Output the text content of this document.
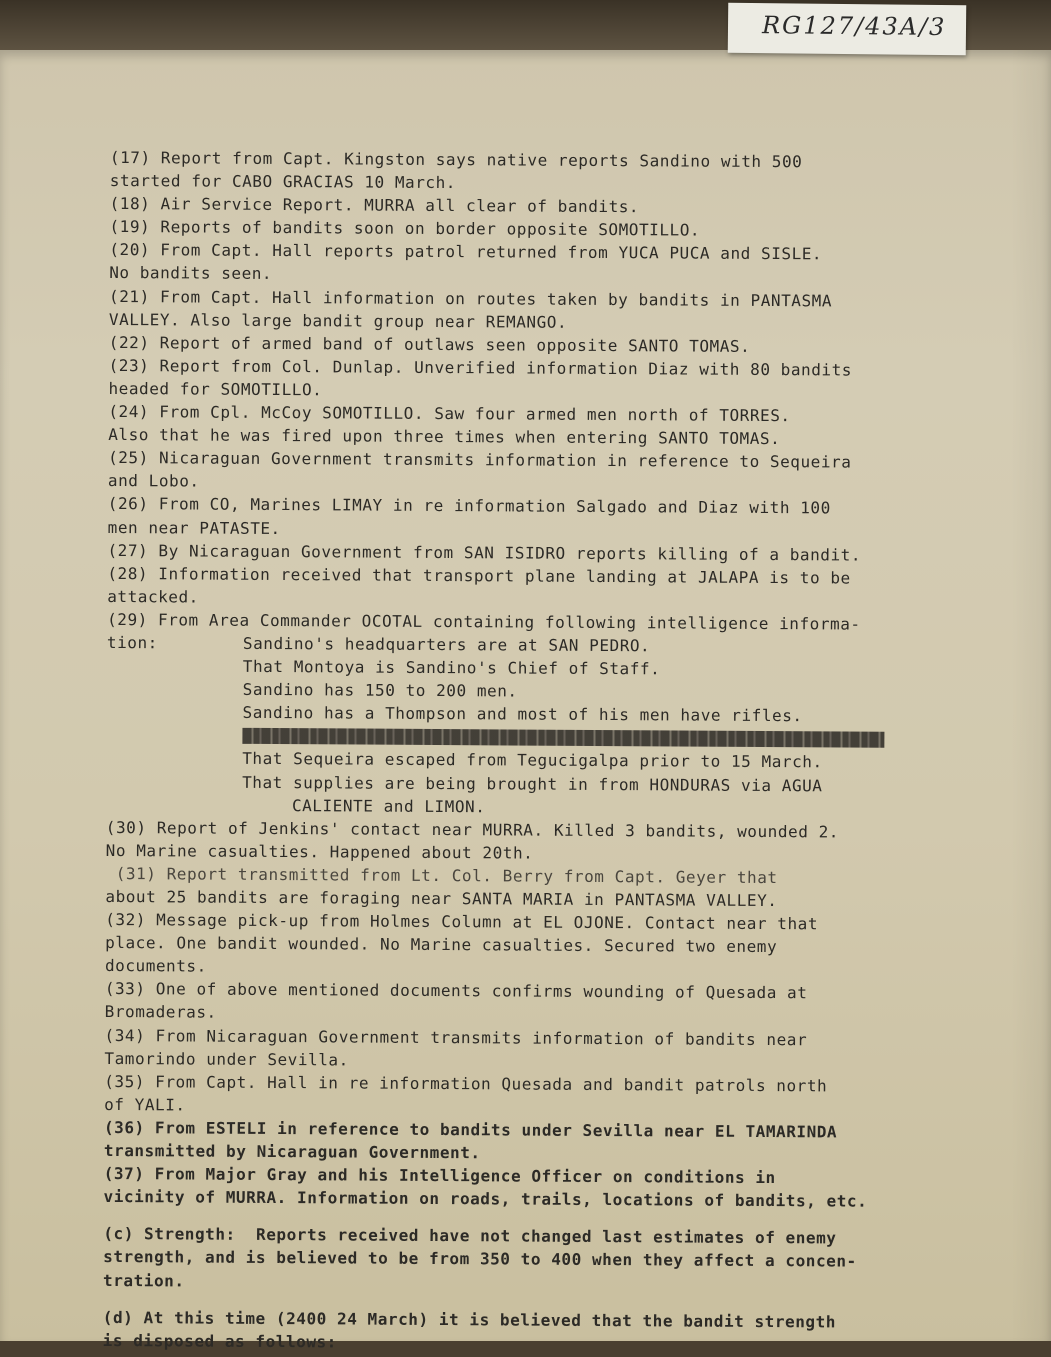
(17) Report from Capt. Kingston says native reports Sandino with 500
started for CABO GRACIAS 10 March.
(18) Air Service Report. MURRA all clear of bandits.
(19) Reports of bandits soon on border opposite SOMOTILLO.
(20) From Capt. Hall reports patrol returned from YUCA PUCA and SISLE.
No bandits seen.
(21) From Capt. Hall information on routes taken by bandits in PANTASMA
VALLEY. Also large bandit group near REMANGO.
(22) Report of armed band of outlaws seen opposite SANTO TOMAS.
(23) Report from Col. Dunlap. Unverified information Diaz with 80 bandits
headed for SOMOTILLO.
(24) From Cpl. McCoy SOMOTILLO. Saw four armed men north of TORRES.
Also that he was fired upon three times when entering SANTO TOMAS.
(25) Nicaraguan Government transmits information in reference to Sequeira
and Lobo.
(26) From CO, Marines LIMAY in re information Salgado and Diaz with 100
men near PATASTE.
(27) By Nicaraguan Government from SAN ISIDRO reports killing of a bandit.
(28) Information received that transport plane landing at JALAPA is to be
attacked.
(29) From Area Commander OCOTAL containing following intelligence informa-
tion:	Sandino's headquarters are at SAN PEDRO.
That Montoya is Sandino's Chief of Staff.
Sandino has 150 to 200 men.
Sandino has a Thompson and most of his men have rifles.
That Sequeira escaped from Tegucigalpa prior to 15 March.
That supplies are being brought in from HONDURAS via AGUA
CALIENTE and LIMON.
(30) Report of Jenkins' contact near MURRA. Killed 3 bandits, wounded 2.
No Marine casualties. Happened about 20th.
(31) Report transmitted from Lt. Col. Berry from Capt. Geyer that
about 25 bandits are foraging near SANTA MARIA in PANTASMA VALLEY.
(32) Message pick-up from Holmes Column at EL OJONE. Contact near that
place. One bandit wounded. No Marine casualties. Secured two enemy
documents.
(33) One of above mentioned documents confirms wounding of Quesada at
Bromaderas.
(34) From Nicaraguan Government transmits information of bandits near
Tamorindo under Sevilla.
(35) From Capt. Hall in re information Quesada and bandit patrols north
of YALI.
(36) From ESTELI in reference to bandits under Sevilla near EL TAMARINDA
transmitted by Nicaraguan Government.
(37) From Major Gray and his Intelligence Officer on conditions in
vicinity of MURRA. Information on roads, trails, locations of bandits, etc.
(c) Strength:  Reports received have not changed last estimates of enemy
strength, and is believed to be from 350 to 400 when they affect a concen-
tration.
(d) At this time (2400 24 March) it is believed that the bandit strength
is disposed as follows:
RG127/43A/3
